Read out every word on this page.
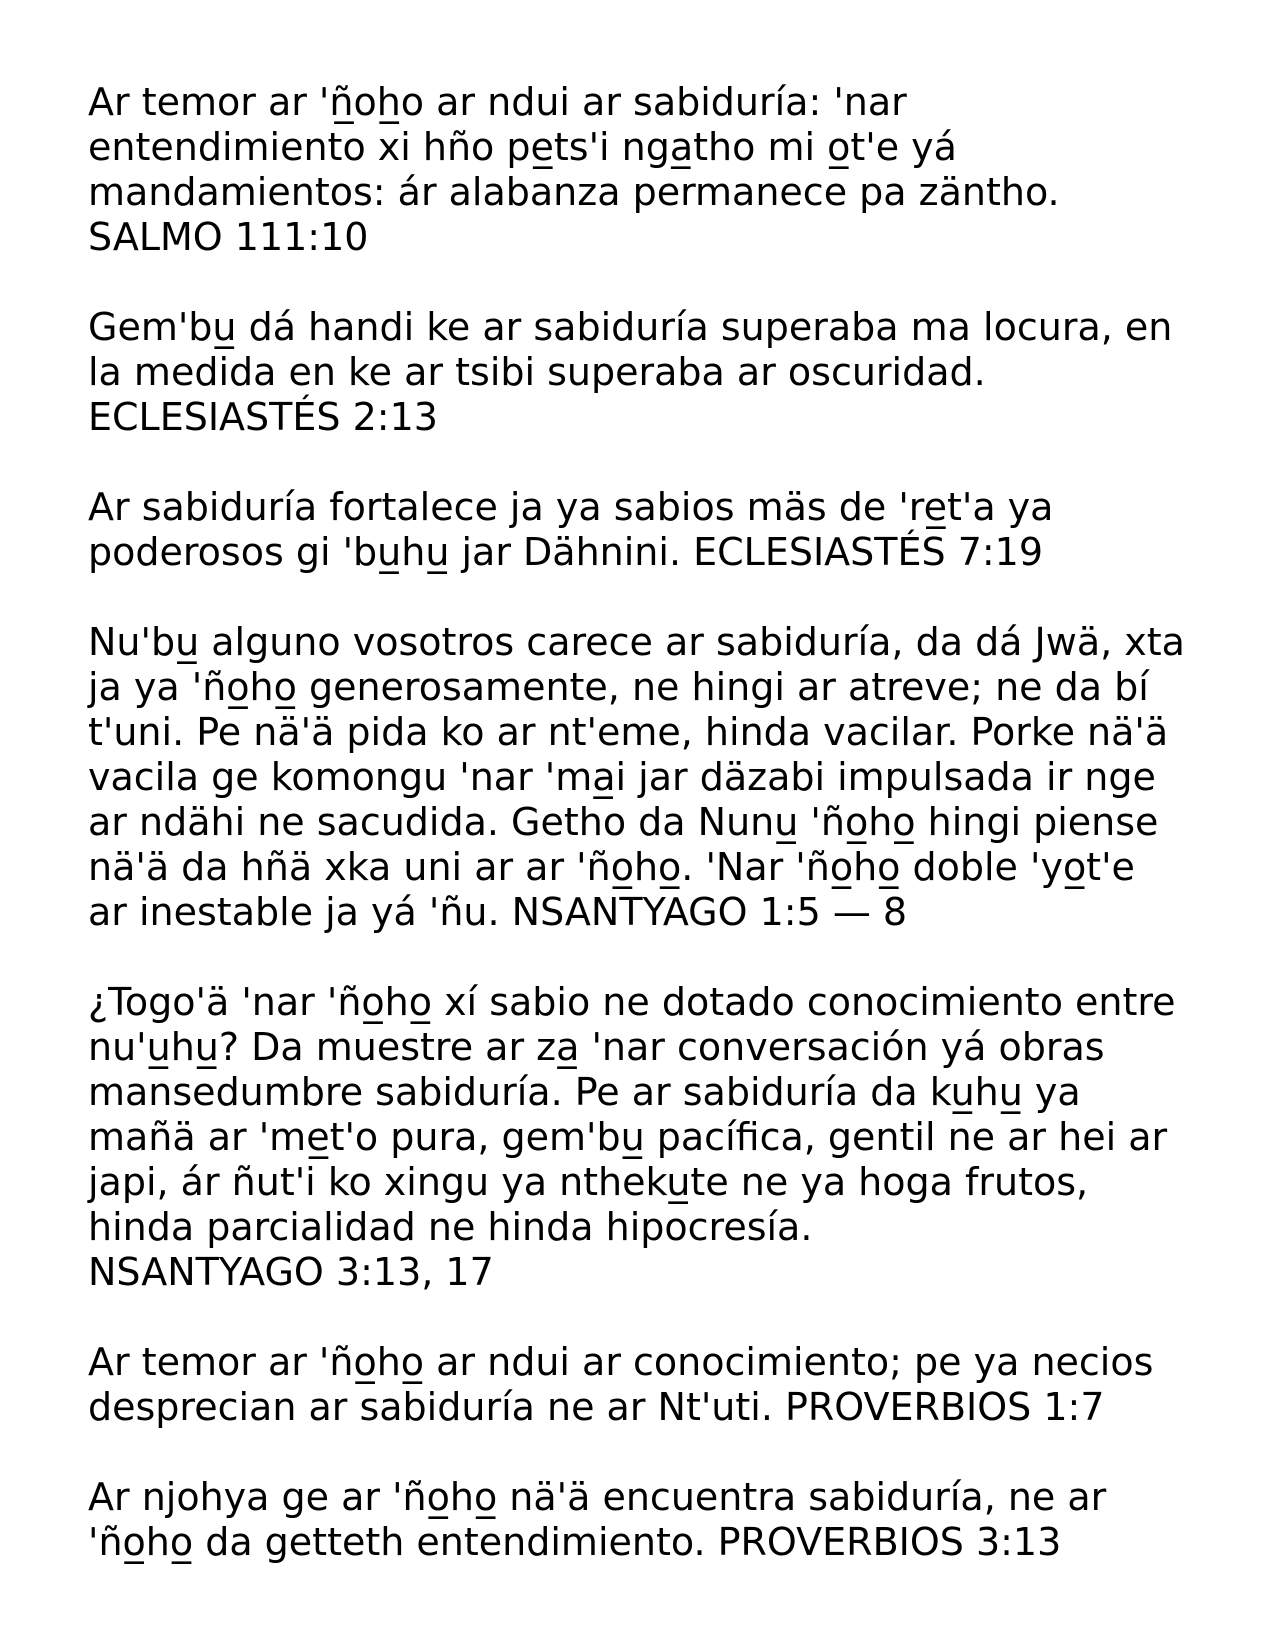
Ar temor ar 'ñ̲oh̲o ar ndui ar sabiduría: 'nar
entendimiento xi hño pe̲ts'i nga̲tho mi o̲t'e yá
mandamientos: ár alabanza permanece pa zäntho.
SALMO 111:10

Gem'bu̲ dá handi ke ar sabiduría superaba ma locura, en
la medida en ke ar tsibi superaba ar oscuridad.
ECLESIASTÉS 2:13

Ar sabiduría fortalece ja ya sabios mäs de 're̲t'a ya
poderosos gi 'bu̲hu̲ jar Dähnini. ECLESIASTÉS 7:19

Nu'bu̲ alguno vosotros carece ar sabiduría, da dá Jwä, xta
ja ya 'ño̲ho̲ generosamente, ne hingi ar atreve; ne da bí
t'uni. Pe nä'ä pida ko ar nt'eme, hinda vacilar. Porke nä'ä
vacila ge komongu 'nar 'ma̲i jar däzabi impulsada ir nge
ar ndähi ne sacudida. Getho da Nunu̲ 'ño̲ho̲ hingi piense
nä'ä da hñä xka uni ar ar 'ño̲ho̲. 'Nar 'ño̲ho̲ doble 'yo̲t'e
ar inestable ja yá 'ñu. NSANTYAGO 1:5 — 8

¿Togo'ä 'nar 'ño̲ho̲ xí sabio ne dotado conocimiento entre
nu'u̲hu̲? Da muestre ar za̲ 'nar conversación yá obras
mansedumbre sabiduría. Pe ar sabiduría da ku̲hu̲ ya
mañä ar 'me̲t'o pura, gem'bu̲ pacífica, gentil ne ar hei ar
japi, ár ñut'i ko xingu ya ntheku̲te ne ya hoga frutos,
hinda parcialidad ne hinda hipocresía.
NSANTYAGO 3:13, 17

Ar temor ar 'ño̲ho̲ ar ndui ar conocimiento; pe ya necios
desprecian ar sabiduría ne ar Nt'uti. PROVERBIOS 1:7

Ar njohya ge ar 'ño̲ho̲ nä'ä encuentra sabiduría, ne ar
'ño̲ho̲ da getteth entendimiento. PROVERBIOS 3:13
